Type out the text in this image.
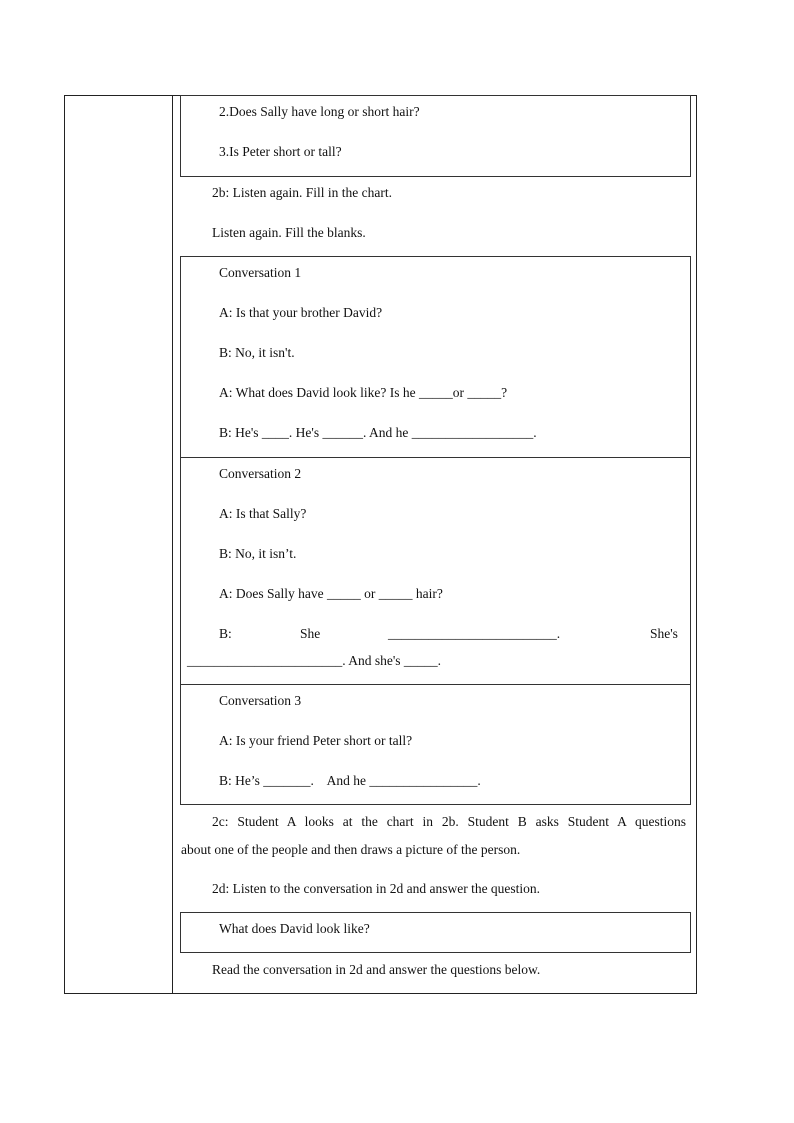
2.Does Sally have long or short hair?
3.Is Peter short or tall?
2b: Listen again. Fill in the chart.
Listen again. Fill the blanks.
Conversation 1
A: Is that your brother David?
B: No, it isn't.
A: What does David look like? Is he _____or _____?
B: He's ____. He's ______. And he __________________.
Conversation 2
A: Is that Sally?
B: No, it isn’t.
A: Does Sally have _____ or _____ hair?
B:	She	_________________________.	She's
_______________________. And she's _____.
Conversation 3
A: Is your friend Peter short or tall?
B: He’s _______.    And he ________________.
2c: Student A looks at the chart in 2b. Student B asks Student A questions
about one of the people and then draws a picture of the person.
2d: Listen to the conversation in 2d and answer the question.
What does David look like?
Read the conversation in 2d and answer the questions below.
